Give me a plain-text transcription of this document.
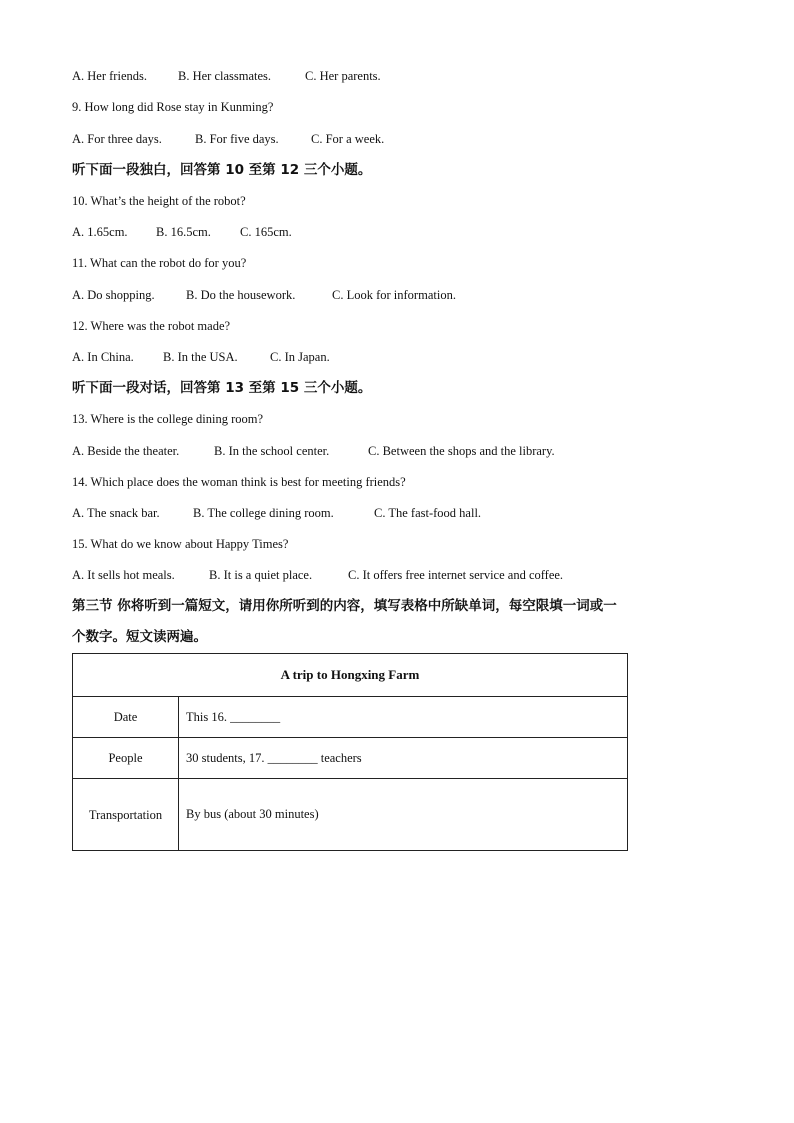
A. Her friends. B. Her classmates.	C. Her parents.
9. How long did Rose stay in Kunming?
A. For three days.	B. For five days.	C. For a week.
听下面一段独白，回答第 10 至第 12 三个小题。
10. What’s the height of the robot?
A. 1.65cm. B. 16.5cm. C. 165cm.
11. What can the robot do for you?
A. Do shopping.	B. Do the housework.	C. Look for information.
12. Where was the robot made?
A. In China. B. In the USA.	C. In Japan.
听下面一段对话，回答第 13 至第 15 三个小题。
13. Where is the college dining room?
A. Beside the theater.	B. In the school center.	C. Between the shops and the library.
14. Which place does the woman think is best for meeting friends?
A. The snack bar.	B. The college dining room.	C. The fast-food hall.
15. What do we know about Happy Times?
A. It sells hot meals.	B. It is a quiet place.	C. It offers free internet service and coffee.
第三节 你将听到一篇短文，请用你所听到的内容，填写表格中所缺单词，每空限填一词或一
个数字。短文读两遍。
A trip to Hongxing Farm	
Date	This 16. ________
People	30 students, 17. ________ teachers
Transportation	By bus (about 30 minutes)
